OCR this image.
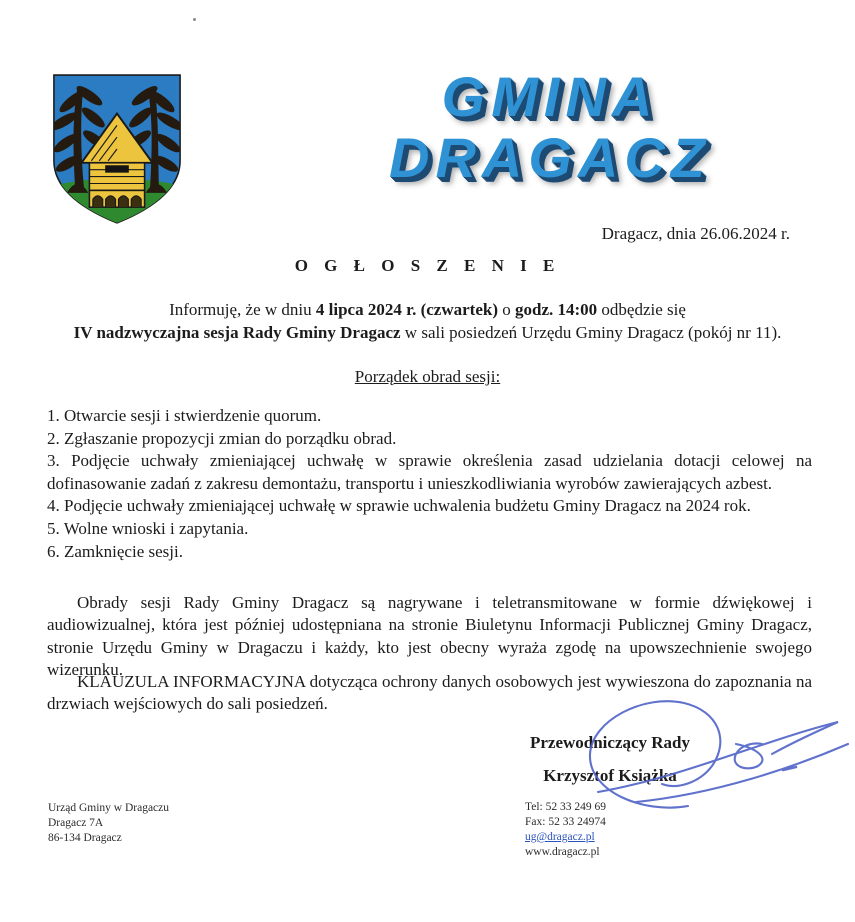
GMINA
DRAGACZ
Dragacz, dnia 26.06.2024 r.
O G Ł O S Z E N I E
Informuję, że w dniu 4 lipca 2024 r. (czwartek) o godz. 14:00 odbędzie się
IV nadzwyczajna sesja Rady Gminy Dragacz w sali posiedzeń Urzędu Gminy Dragacz (pokój nr 11).
Porządek obrad sesji:
1. Otwarcie sesji i stwierdzenie quorum.
2. Zgłaszanie propozycji zmian do porządku obrad.
3. Podjęcie uchwały zmieniającej uchwałę w sprawie określenia zasad udzielania dotacji celowej na dofinasowanie zadań z zakresu demontażu, transportu i unieszkodliwiania wyrobów zawierających azbest.
4. Podjęcie uchwały zmieniającej uchwałę w sprawie uchwalenia budżetu Gminy Dragacz na 2024 rok.
5. Wolne wnioski i zapytania.
6. Zamknięcie sesji.
Obrady sesji Rady Gminy Dragacz są nagrywane i teletransmitowane w formie dźwiękowej i audiowizualnej, która jest później udostępniana na stronie Biuletynu Informacji Publicznej Gminy Dragacz, stronie Urzędu Gminy w Dragaczu i każdy, kto jest obecny wyraża zgodę na upowszechnienie swojego wizerunku.
KLAUZULA INFORMACYJNA dotycząca ochrony danych osobowych jest wywieszona do zapoznania na drzwiach wejściowych do sali posiedzeń.
Przewodniczący Rady
Krzysztof Książka
Urząd Gminy w Dragaczu
Dragacz 7A
86-134 Dragacz
Tel: 52 33 249 69
Fax: 52 33 24974
ug@dragacz.pl
www.dragacz.pl
